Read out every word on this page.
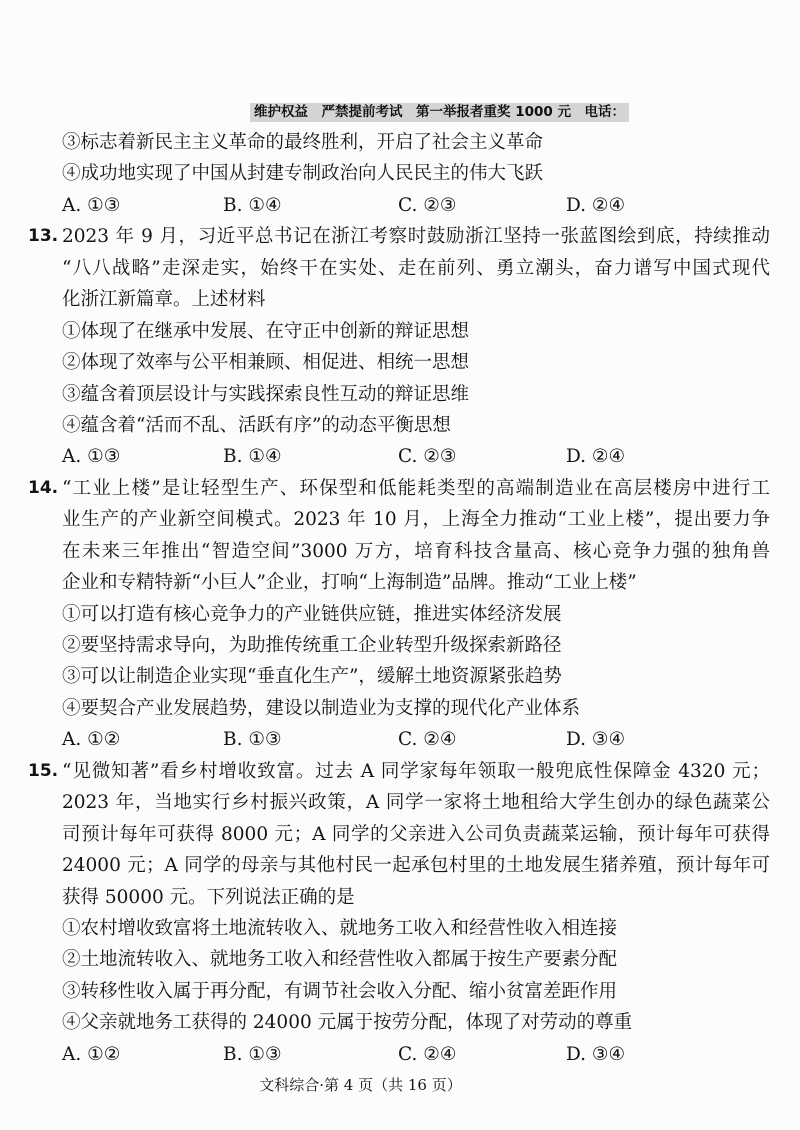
维护权益　严禁提前考试　第一举报者重奖 1000 元　电话：
③标志着新民主主义革命的最终胜利，开启了社会主义革命
④成功地实现了中国从封建专制政治向人民民主的伟大飞跃
A. ①③	B. ①④	C. ②③	D. ②④
13. 2023 年 9 月，习近平总书记在浙江考察时鼓励浙江坚持一张蓝图绘到底，持续推动
“八八战略”走深走实，始终干在实处、走在前列、勇立潮头，奋力谱写中国式现代
化浙江新篇章。上述材料
①体现了在继承中发展、在守正中创新的辩证思想
②体现了效率与公平相兼顾、相促进、相统一思想
③蕴含着顶层设计与实践探索良性互动的辩证思维
④蕴含着“活而不乱、活跃有序”的动态平衡思想
A. ①③	B. ①④	C. ②③	D. ②④
14. “工业上楼”是让轻型生产、环保型和低能耗类型的高端制造业在高层楼房中进行工
业生产的产业新空间模式。2023 年 10 月，上海全力推动“工业上楼”，提出要力争
在未来三年推出“智造空间”3000 万方，培育科技含量高、核心竞争力强的独角兽
企业和专精特新“小巨人”企业，打响“上海制造”品牌。推动“工业上楼”
①可以打造有核心竞争力的产业链供应链，推进实体经济发展
②要坚持需求导向，为助推传统重工企业转型升级探索新路径
③可以让制造企业实现“垂直化生产”，缓解土地资源紧张趋势
④要契合产业发展趋势，建设以制造业为支撑的现代化产业体系
A. ①②	B. ①③	C. ②④	D. ③④
15. “见微知著”看乡村增收致富。过去 A 同学家每年领取一般兜底性保障金 4320 元；
2023 年，当地实行乡村振兴政策，A 同学一家将土地租给大学生创办的绿色蔬菜公
司预计每年可获得 8000 元；A 同学的父亲进入公司负责蔬菜运输，预计每年可获得
24000 元；A 同学的母亲与其他村民一起承包村里的土地发展生猪养殖，预计每年可
获得 50000 元。下列说法正确的是
①农村增收致富将土地流转收入、就地务工收入和经营性收入相连接
②土地流转收入、就地务工收入和经营性收入都属于按生产要素分配
③转移性收入属于再分配，有调节社会收入分配、缩小贫富差距作用
④父亲就地务工获得的 24000 元属于按劳分配，体现了对劳动的尊重
A. ①②	B. ①③	C. ②④	D. ③④
文科综合·第 4 页（共 16 页）
